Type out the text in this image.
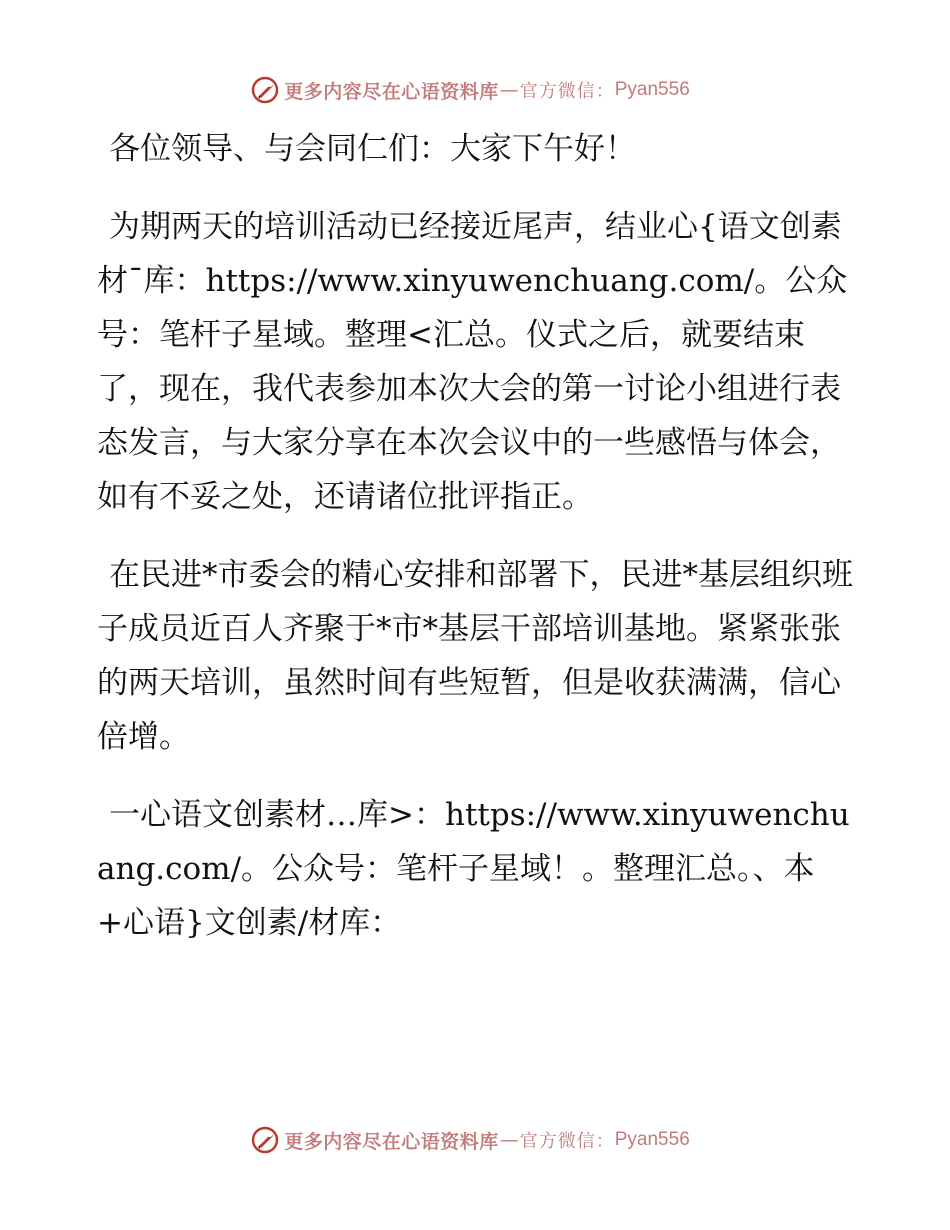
更多内容尽在心语资料库 — 官方微信： Pyan556

各位领导、与会同仁们：大家下午好！

为期两天的培训活动已经接近尾声，结业心{语文创素材¯库：https://www.xinyuwenchuang.com/。公众号：笔杆子星域。整理<汇总。仪式之后，就要结束了，现在，我代表参加本次大会的第一讨论小组进行表态发言，与大家分享在本次会议中的一些感悟与体会，如有不妥之处，还请诸位批评指正。

在民进*市委会的精心安排和部署下，民进*基层组织班子成员近百人齐聚于*市*基层干部培训基地。紧紧张张的两天培训，虽然时间有些短暂，但是收获满满，信心倍增。

一心语文创素材…库>：https://www.xinyuwenchuang.com/。公众号：笔杆子星域！。整理汇总。、本+心语}文创素/材库：

更多内容尽在心语资料库 — 官方微信： Pyan556
